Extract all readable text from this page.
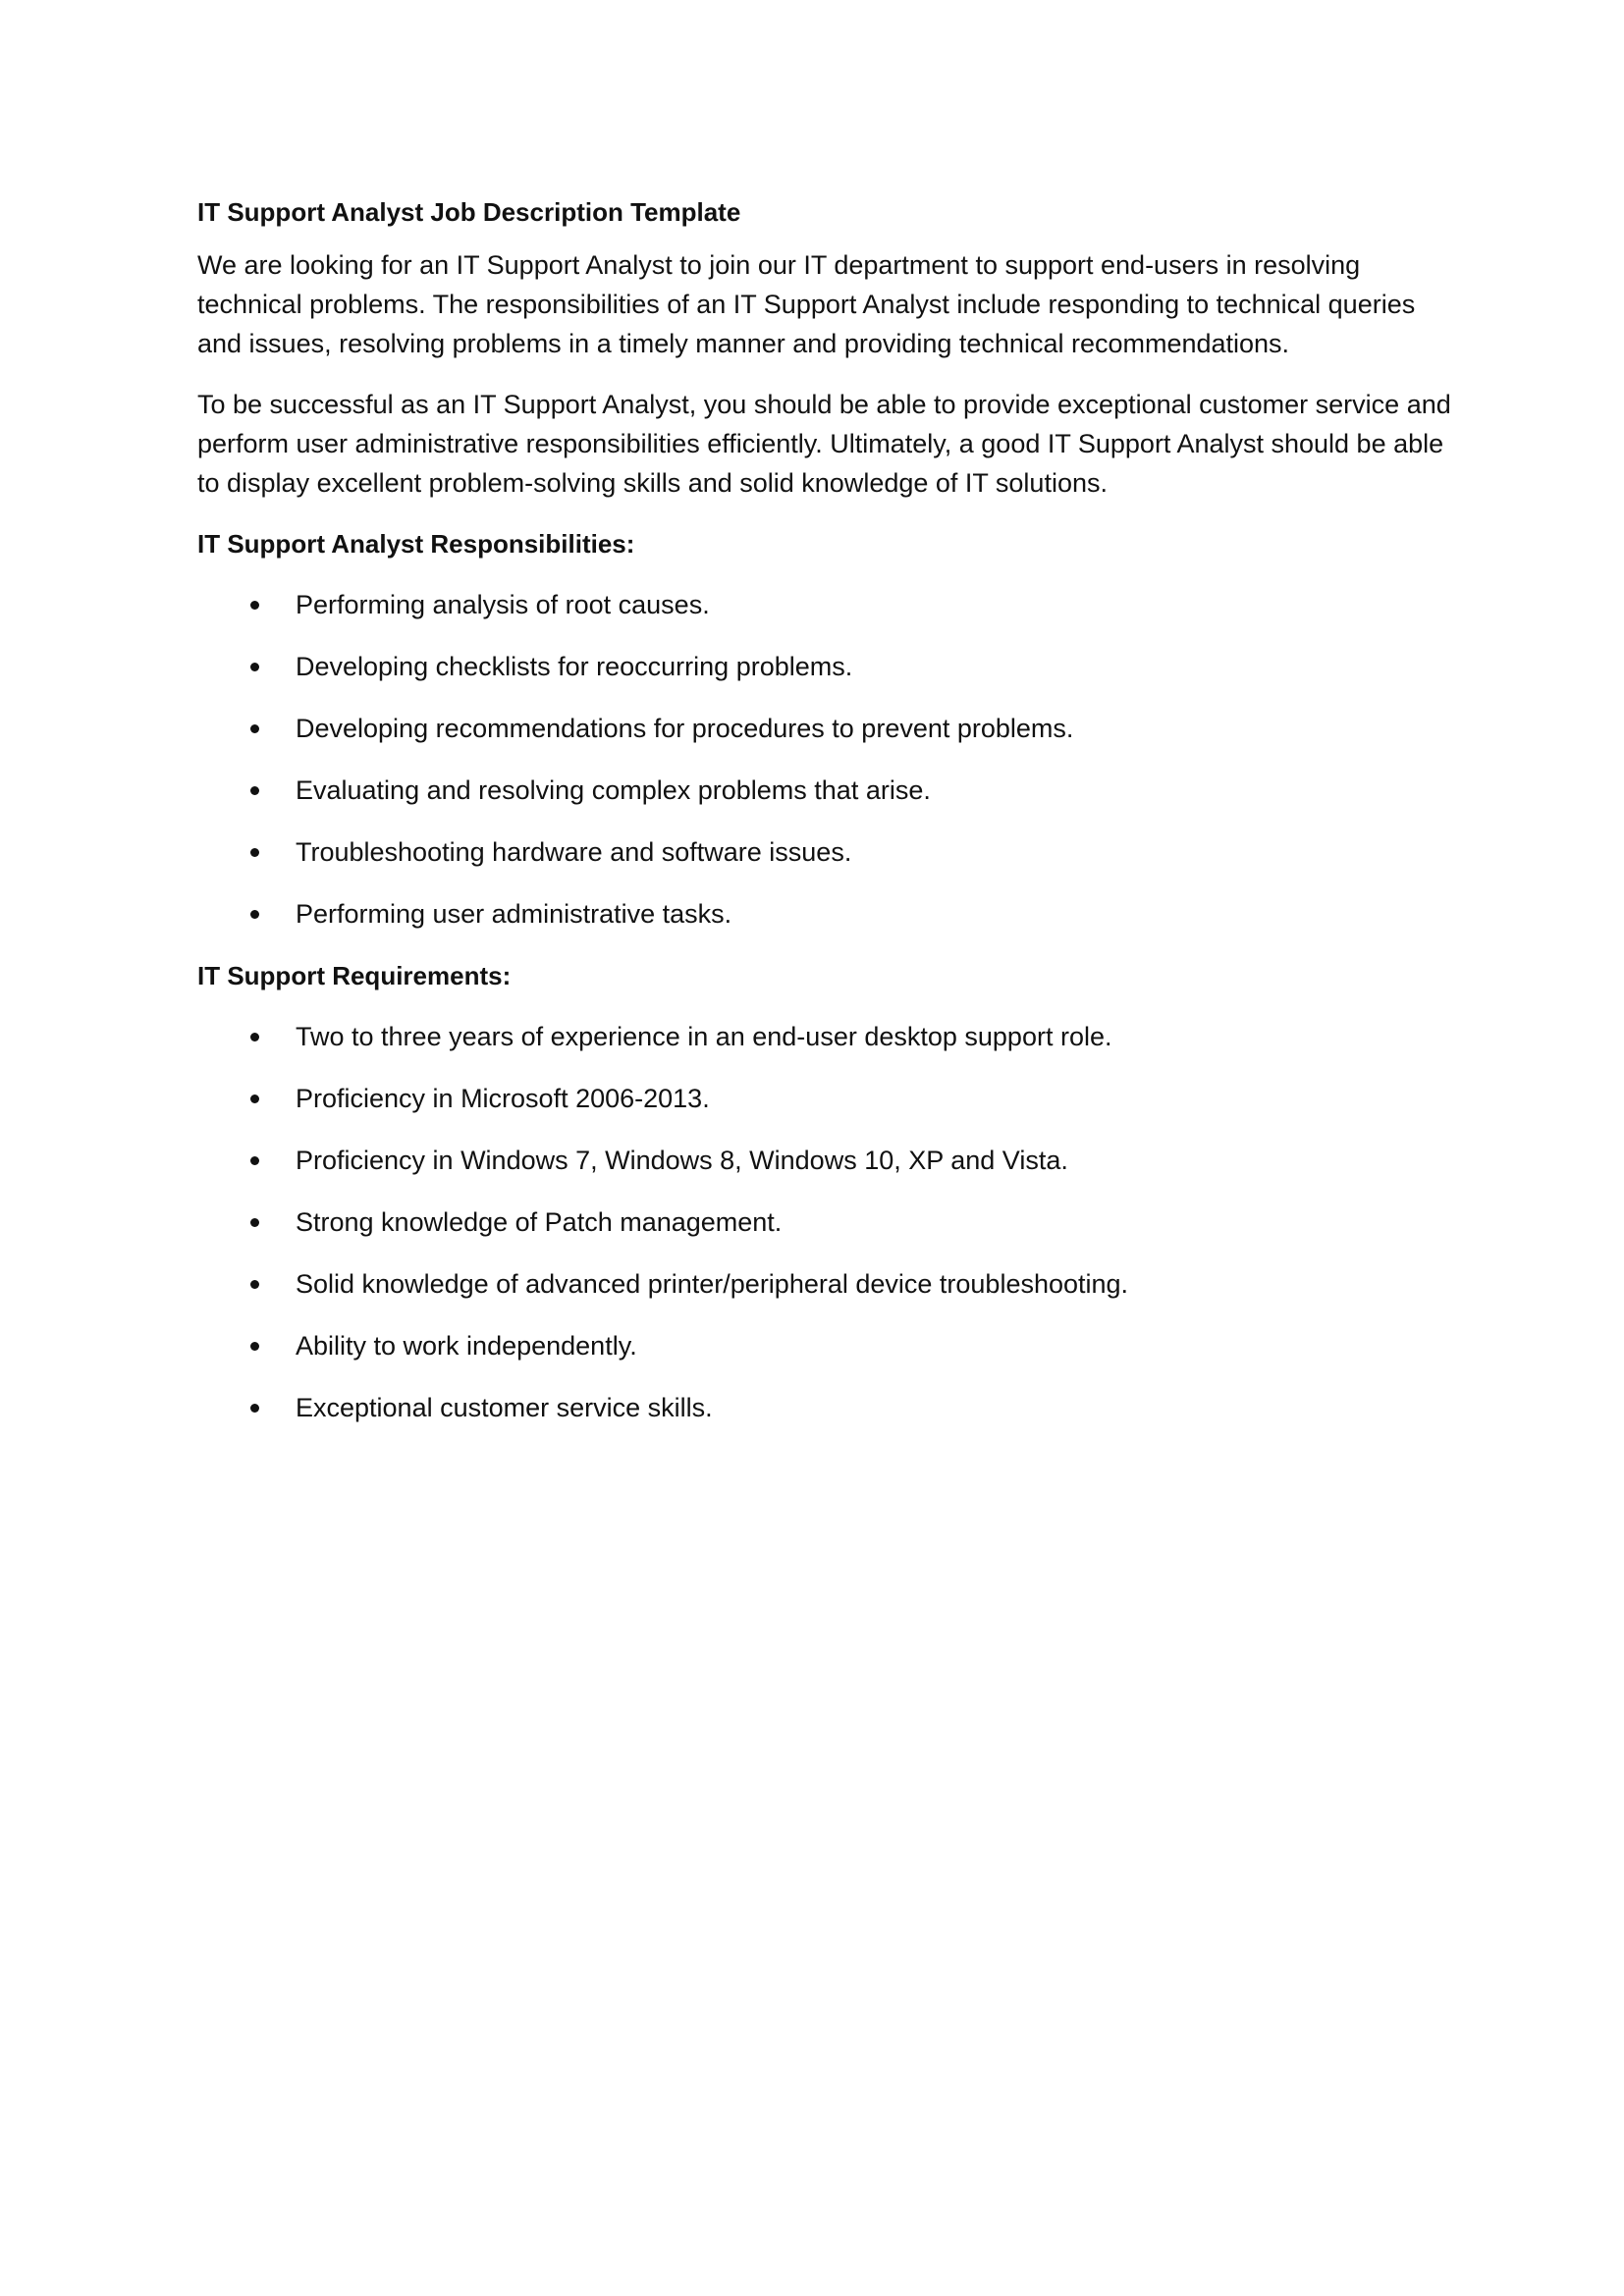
IT Support Analyst Job Description Template

We are looking for an IT Support Analyst to join our IT department to support end-users in resolving technical problems. The responsibilities of an IT Support Analyst include responding to technical queries and issues, resolving problems in a timely manner and providing technical recommendations.

To be successful as an IT Support Analyst, you should be able to provide exceptional customer service and perform user administrative responsibilities efficiently. Ultimately, a good IT Support Analyst should be able to display excellent problem-solving skills and solid knowledge of IT solutions.

IT Support Analyst Responsibilities:
Performing analysis of root causes.
Developing checklists for reoccurring problems.
Developing recommendations for procedures to prevent problems.
Evaluating and resolving complex problems that arise.
Troubleshooting hardware and software issues.
Performing user administrative tasks.
IT Support Requirements:
Two to three years of experience in an end-user desktop support role.
Proficiency in Microsoft 2006-2013.
Proficiency in Windows 7, Windows 8, Windows 10, XP and Vista.
Strong knowledge of Patch management.
Solid knowledge of advanced printer/peripheral device troubleshooting.
Ability to work independently.
Exceptional customer service skills.
